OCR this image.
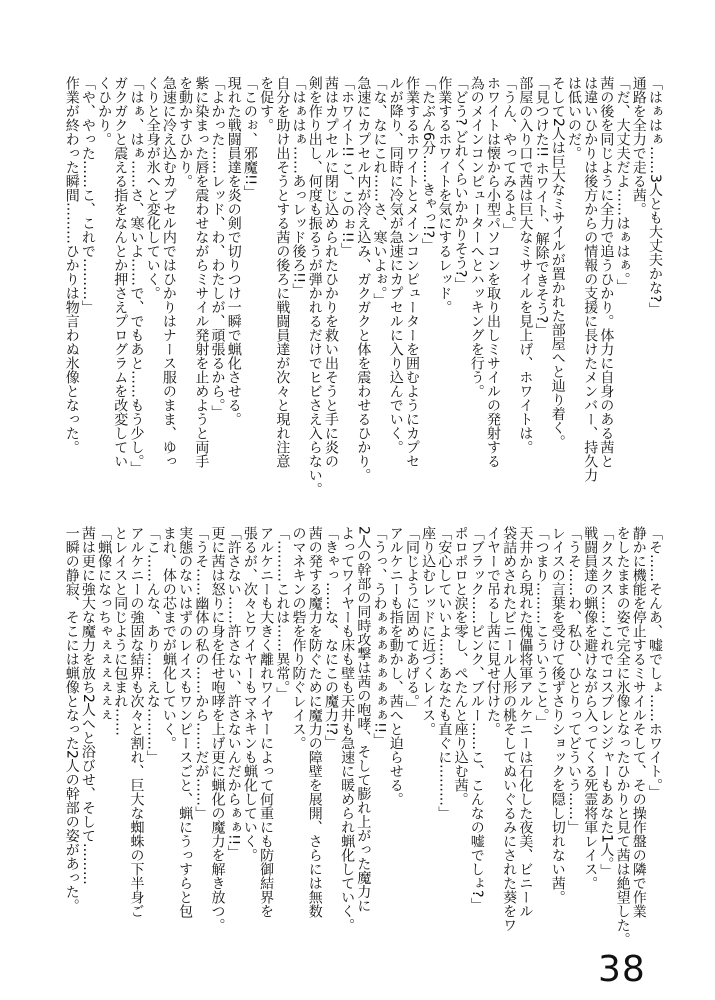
「はぁはぁ……3人とも大丈夫かな?」
通路を全力で走る茜。
「だ、大丈夫だよ……はぁはぁ。」
茜の後を同じように全力で追うひかり。体力に自身のある茜と
は違いひかりは後方からの情報の支援に長けたメンバー、持久力
は低いのだ。
そして2人は巨大なミサイルが置かれた部屋へと辿り着く。
「見つけた!! ホワイト、解除できそう?」
部屋の入り口で茜は巨大なミサイルを見上げ、ホワイトは。
「うん、やってみるよ。」
ホワイトは懐から小型パソコンを取り出しミサイルの発射する
為のメインコンピューターへとハッキングを行う。
「どう? どれくらいかかりそう?」
作業するホワイトを気にするレッド。
「たぶん6分……きゃっ!?」
作業するホワイトとメインコンピューターを囲むようにカプセ
ルが降り、同時に冷気が急速にカプセルに入り込んでいく。
「な、なにこれ……さ、寒いよぉ。」
急速にカプセル内が冷え込み、ガクガクと体を震わせるひかり。
「ホワイト!! こ、このぉ!!」
茜はカプセルに閉じ込められたひかりを救い出そうと手に炎の
剣を作り出し、何度も振るうが弾かれるだけでヒビさえ入らない。
「はぁはぁ……あっレッド後ろ!!」
自分を助け出そうとする茜の後ろに戦闘員達が次々と現れ注意
を促す。
「このぉ、邪魔!!」
現れた戦闘員達を炎の剣で切りつけ一瞬で蝋化させる。
「よかった……レッド、わ、わたしが、頑張るから。」
紫に染まった唇を震わせながらミサイル発射を止めようと両手
を動かすひかり。
急速に冷え込むカプセル内ではひかりはナース服のまま、ゆっ
くりと全身が氷へと変化していく。
「はぁ、はぁ……さ、寒いよ……で、でもあと……もう少し。」
ガクガクと震える指をなんとか押さえプログラムを改変してい
くひかり。
「や、やった……こ、これで………」
作業が終わった瞬間………ひかりは物言わぬ氷像となった。
「そ……そんあ、嘘でしょ……ホワイト。」
静かに機能を停止するミサイルそして、その操作盤の隣で作業
をしたままの姿で完全に氷像となったひかりと見て茜は絶望した。
「クスクス……これでコスプレンジャーもあなた1人。」
戦闘員達の蝋像を避けながら入ってくる死霊将軍レイス。
「うそ……わ、私ひ、ひとりってどういう……」
レイスの言葉を受けて後ずさりショックを隠し切れない茜。
「つまり………こういうこと。」
天井から現れた傀儡将軍アルケニーは石化した夜美、ビニール
袋詰めされたビニール人形の桃そしてぬいぐるみにされた葵をワ
イヤーで吊るし茜に見せ付けた。
「ブラック……ピンク、ブルー……こ、こんなの嘘でしょ?」
ポロポロと涙を零し、ぺたんと座り込む茜。
「安心していいよ……あなたも直ぐに………」
座り込むレッドに近づくレイス。
「同じように固めてあげる。」
アルケニーも指を動かし、茜へと迫らせる。
「うっ、うわぁぁぁぁぁぁぁぁ!!」
2人の幹部の同時攻撃は茜の咆哮、そして膨れ上がった魔力に
よってワイヤーも床も壁も天井も急速に暖められ蝋化していく。
「きゃっ……な、なにこの魔力!?」
茜の発する魔力を防ぐために魔力の障壁を展開、さらには無数
のマネキンの砦を作り防ぐレイス。
「………これは……異常。」
アルケニーも大きく離れワイヤーによって何重にも防御結界を
張るが、次々とワイヤーもマネキンも蝋化していく。
「許さない……許さない、許さないんだからぁぁ!!」
更に茜は怒りに身を任せ咆哮を上げ更に蝋化の魔力を解き放つ。
「うそ……幽体の私の……から……だが……」
実態のないはずのレイスもワンピースごと、蝋にうっすらと包
まれ、体の芯までが蝋化していく。
「こ……んな、あり……えな………」
アルケニーの強固な結界も次々と割れ、巨大な蜘蛛の下半身ご
とレイスと同じように包まれ……
「蝋像になっちゃぇぇぇぇぇぇ
茜は更に強大な魔力を放ち2人へと浴びせ、そして………
一瞬の静寂、そこには蝋像となった2人の幹部の姿があった。
38
